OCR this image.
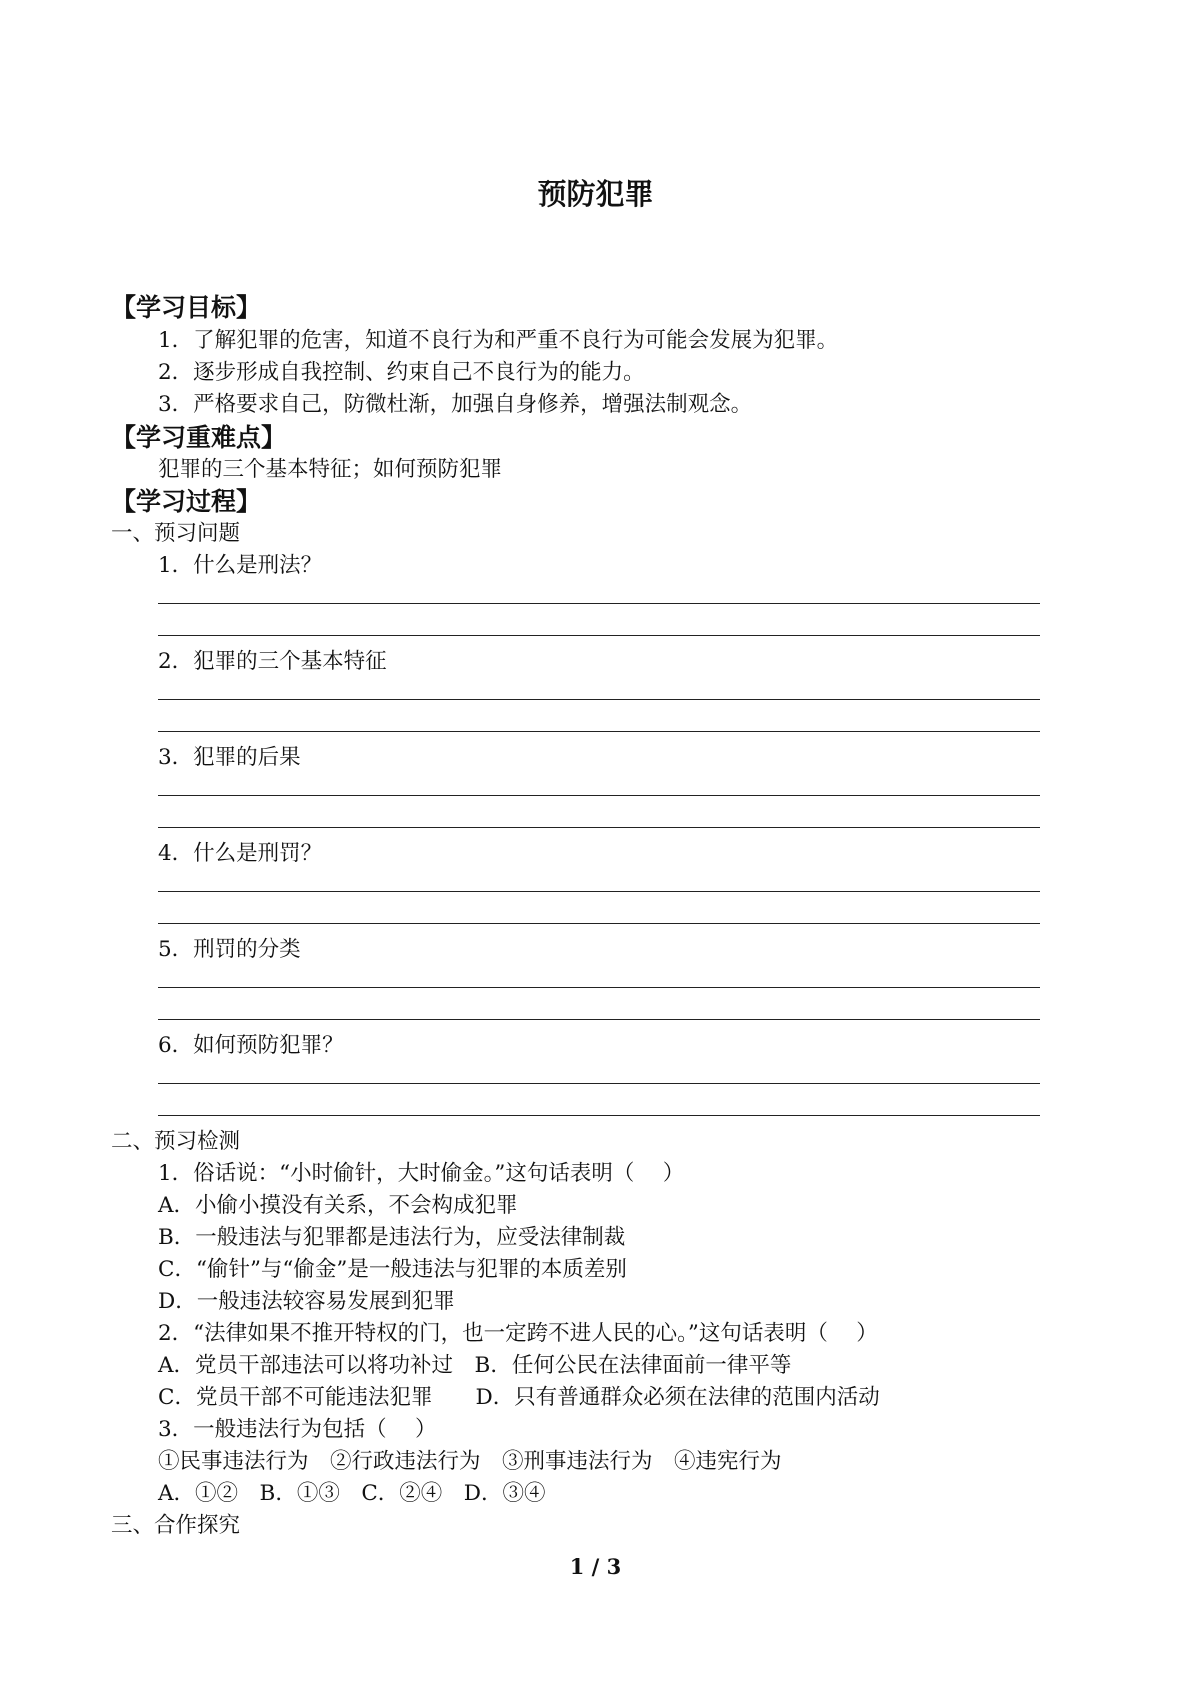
预防犯罪
【学习目标】
1．了解犯罪的危害，知道不良行为和严重不良行为可能会发展为犯罪。
2．逐步形成自我控制、约束自己不良行为的能力。
3．严格要求自己，防微杜渐，加强自身修养，增强法制观念。
【学习重难点】
犯罪的三个基本特征；如何预防犯罪
【学习过程】
一、预习问题
1．什么是刑法？
2．犯罪的三个基本特征
3．犯罪的后果
4．什么是刑罚？
5．刑罚的分类
6．如何预防犯罪？
二、预习检测
1．俗话说：“小时偷针，大时偷金。”这句话表明（　 ）
A．小偷小摸没有关系，不会构成犯罪
B．一般违法与犯罪都是违法行为，应受法律制裁
C．“偷针”与“偷金”是一般违法与犯罪的本质差别
D．一般违法较容易发展到犯罪
2．“法律如果不推开特权的门，也一定跨不进人民的心。”这句话表明（　 ）
A．党员干部违法可以将功补过　B．任何公民在法律面前一律平等
C．党员干部不可能违法犯罪　　D．只有普通群众必须在法律的范围内活动
3．一般违法行为包括（　 ）
①民事违法行为　②行政违法行为　③刑事违法行为　④违宪行为
A．①②　B．①③　C．②④　D．③④
三、合作探究
1 / 3
